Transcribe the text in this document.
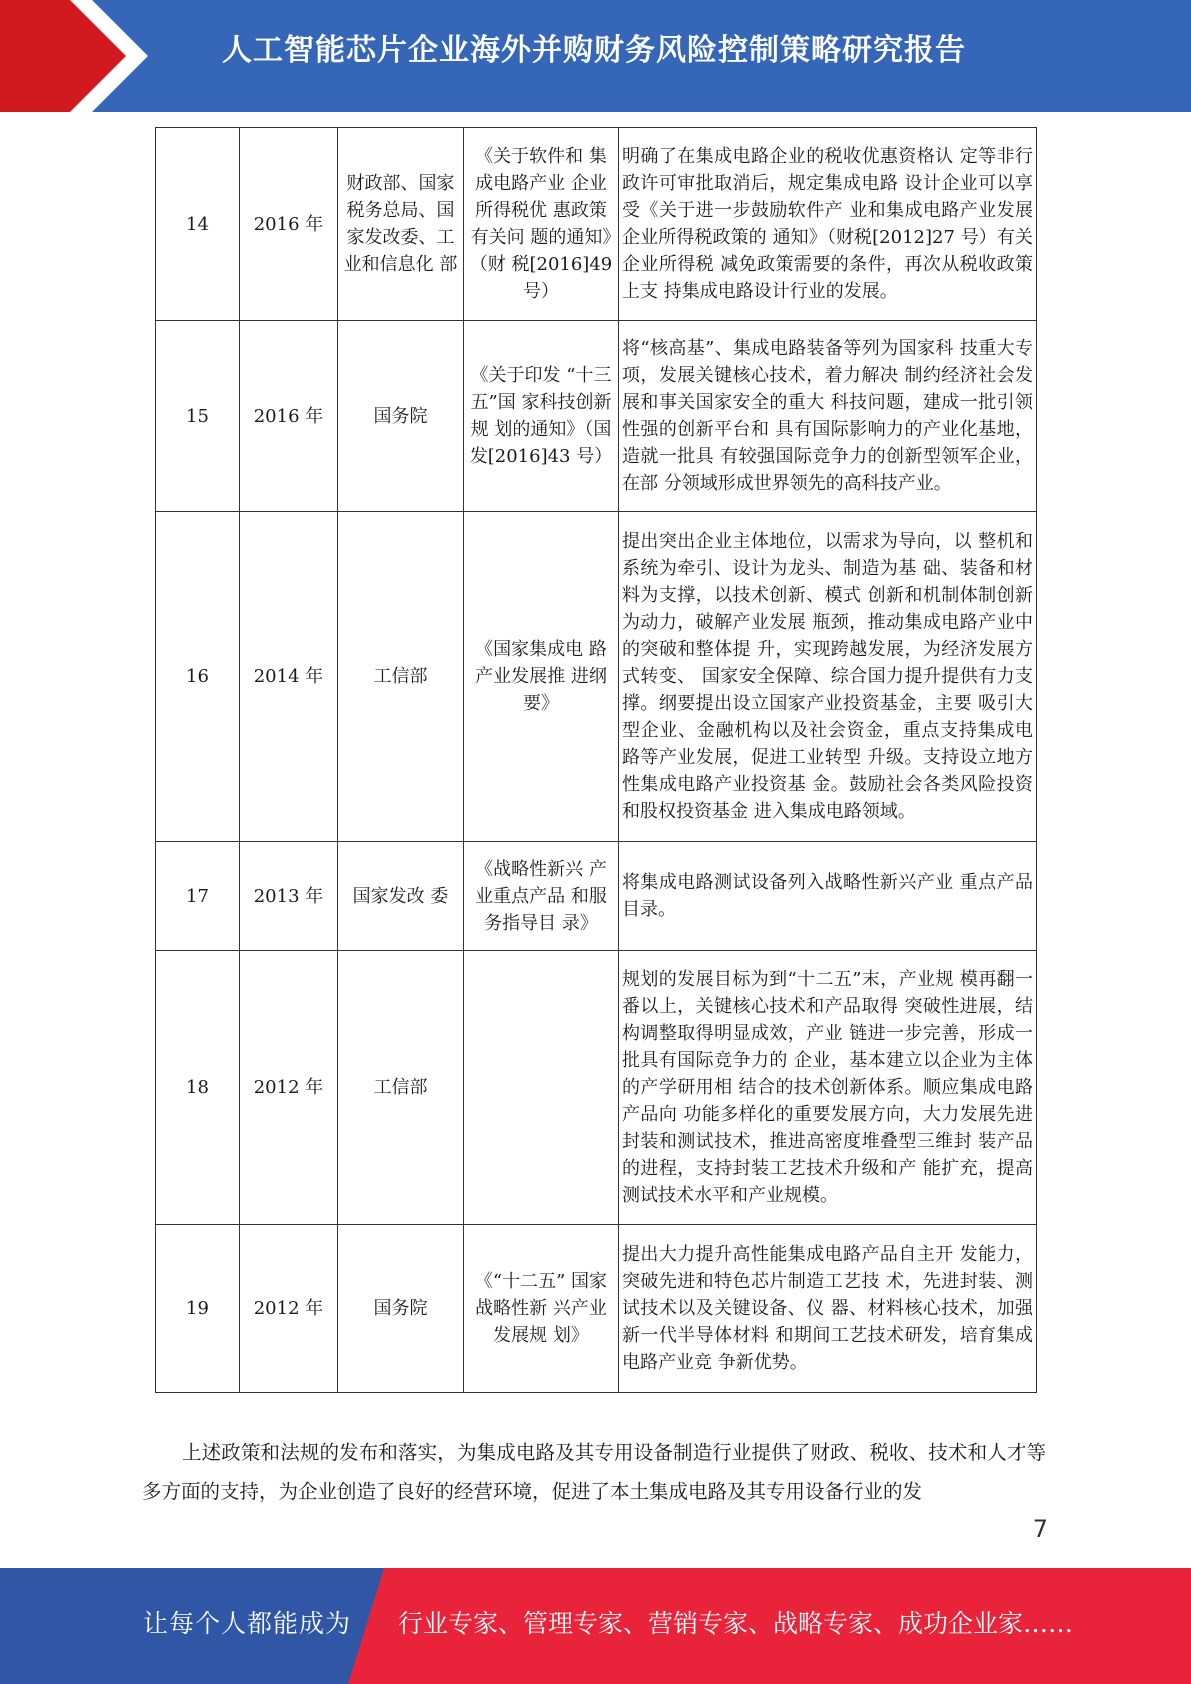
人工智能芯片企业海外并购财务风险控制策略研究报告
14	2016 年	财政部、国家税务总局、国家发改委、工业和信息化 部	《关于软件和 集成电路产业 企业所得税优 惠政策有关问 题的通知》（财 税[2016]49 号）	明确了在集成电路企业的税收优惠资格认 定等非行政许可审批取消后，规定集成电路 设计企业可以享受《关于进一步鼓励软件产 业和集成电路产业发展企业所得税政策的 通知》（财税[2012]27 号）有关企业所得税 减免政策需要的条件，再次从税收政策上支 持集成电路设计行业的发展。
15	2016 年	国务院	《关于印发 “十三五”国 家科技创新规 划的通知》（国 发[2016]43 号）	将“核高基”、集成电路装备等列为国家科 技重大专项，发展关键核心技术，着力解决 制约经济社会发展和事关国家安全的重大 科技问题，建成一批引领性强的创新平台和 具有国际影响力的产业化基地，造就一批具 有较强国际竞争力的创新型领军企业，在部 分领域形成世界领先的高科技产业。
16	2014 年	工信部	《国家集成电 路产业发展推 进纲要》	提出突出企业主体地位，以需求为导向，以 整机和系统为牵引、设计为龙头、制造为基 础、装备和材料为支撑，以技术创新、模式 创新和机制体制创新为动力，破解产业发展 瓶颈，推动集成电路产业中的突破和整体提 升，实现跨越发展，为经济发展方式转变、 国家安全保障、综合国力提升提供有力支 撑。纲要提出设立国家产业投资基金，主要 吸引大型企业、金融机构以及社会资金，重点支持集成电路等产业发展，促进工业转型 升级。支持设立地方性集成电路产业投资基 金。鼓励社会各类风险投资和股权投资基金 进入集成电路领域。
17	2013 年	国家发改 委	《战略性新兴 产业重点产品 和服务指导目 录》	将集成电路测试设备列入战略性新兴产业 重点产品目录。
18	2012 年	工信部		规划的发展目标为到“十二五”末，产业规 模再翻一番以上，关键核心技术和产品取得 突破性进展，结构调整取得明显成效，产业 链进一步完善，形成一批具有国际竞争力的 企业，基本建立以企业为主体的产学研用相 结合的技术创新体系。顺应集成电路产品向 功能多样化的重要发展方向，大力发展先进 封装和测试技术，推进高密度堆叠型三维封 装产品的进程，支持封装工艺技术升级和产 能扩充，提高测试技术水平和产业规模。
19	2012 年	国务院	《“十二五” 国家战略性新 兴产业发展规 划》	提出大力提升高性能集成电路产品自主开 发能力，突破先进和特色芯片制造工艺技 术，先进封装、测试技术以及关键设备、仪 器、材料核心技术，加强新一代半导体材料 和期间工艺技术研发，培育集成电路产业竞 争新优势。
上述政策和法规的发布和落实，为集成电路及其专用设备制造行业提供了财政、税收、技术和人才等多方面的支持，为企业创造了良好的经营环境，促进了本土集成电路及其专用设备行业的发
7
让每个人都能成为 行业专家、管理专家、营销专家、战略专家、成功企业家……
